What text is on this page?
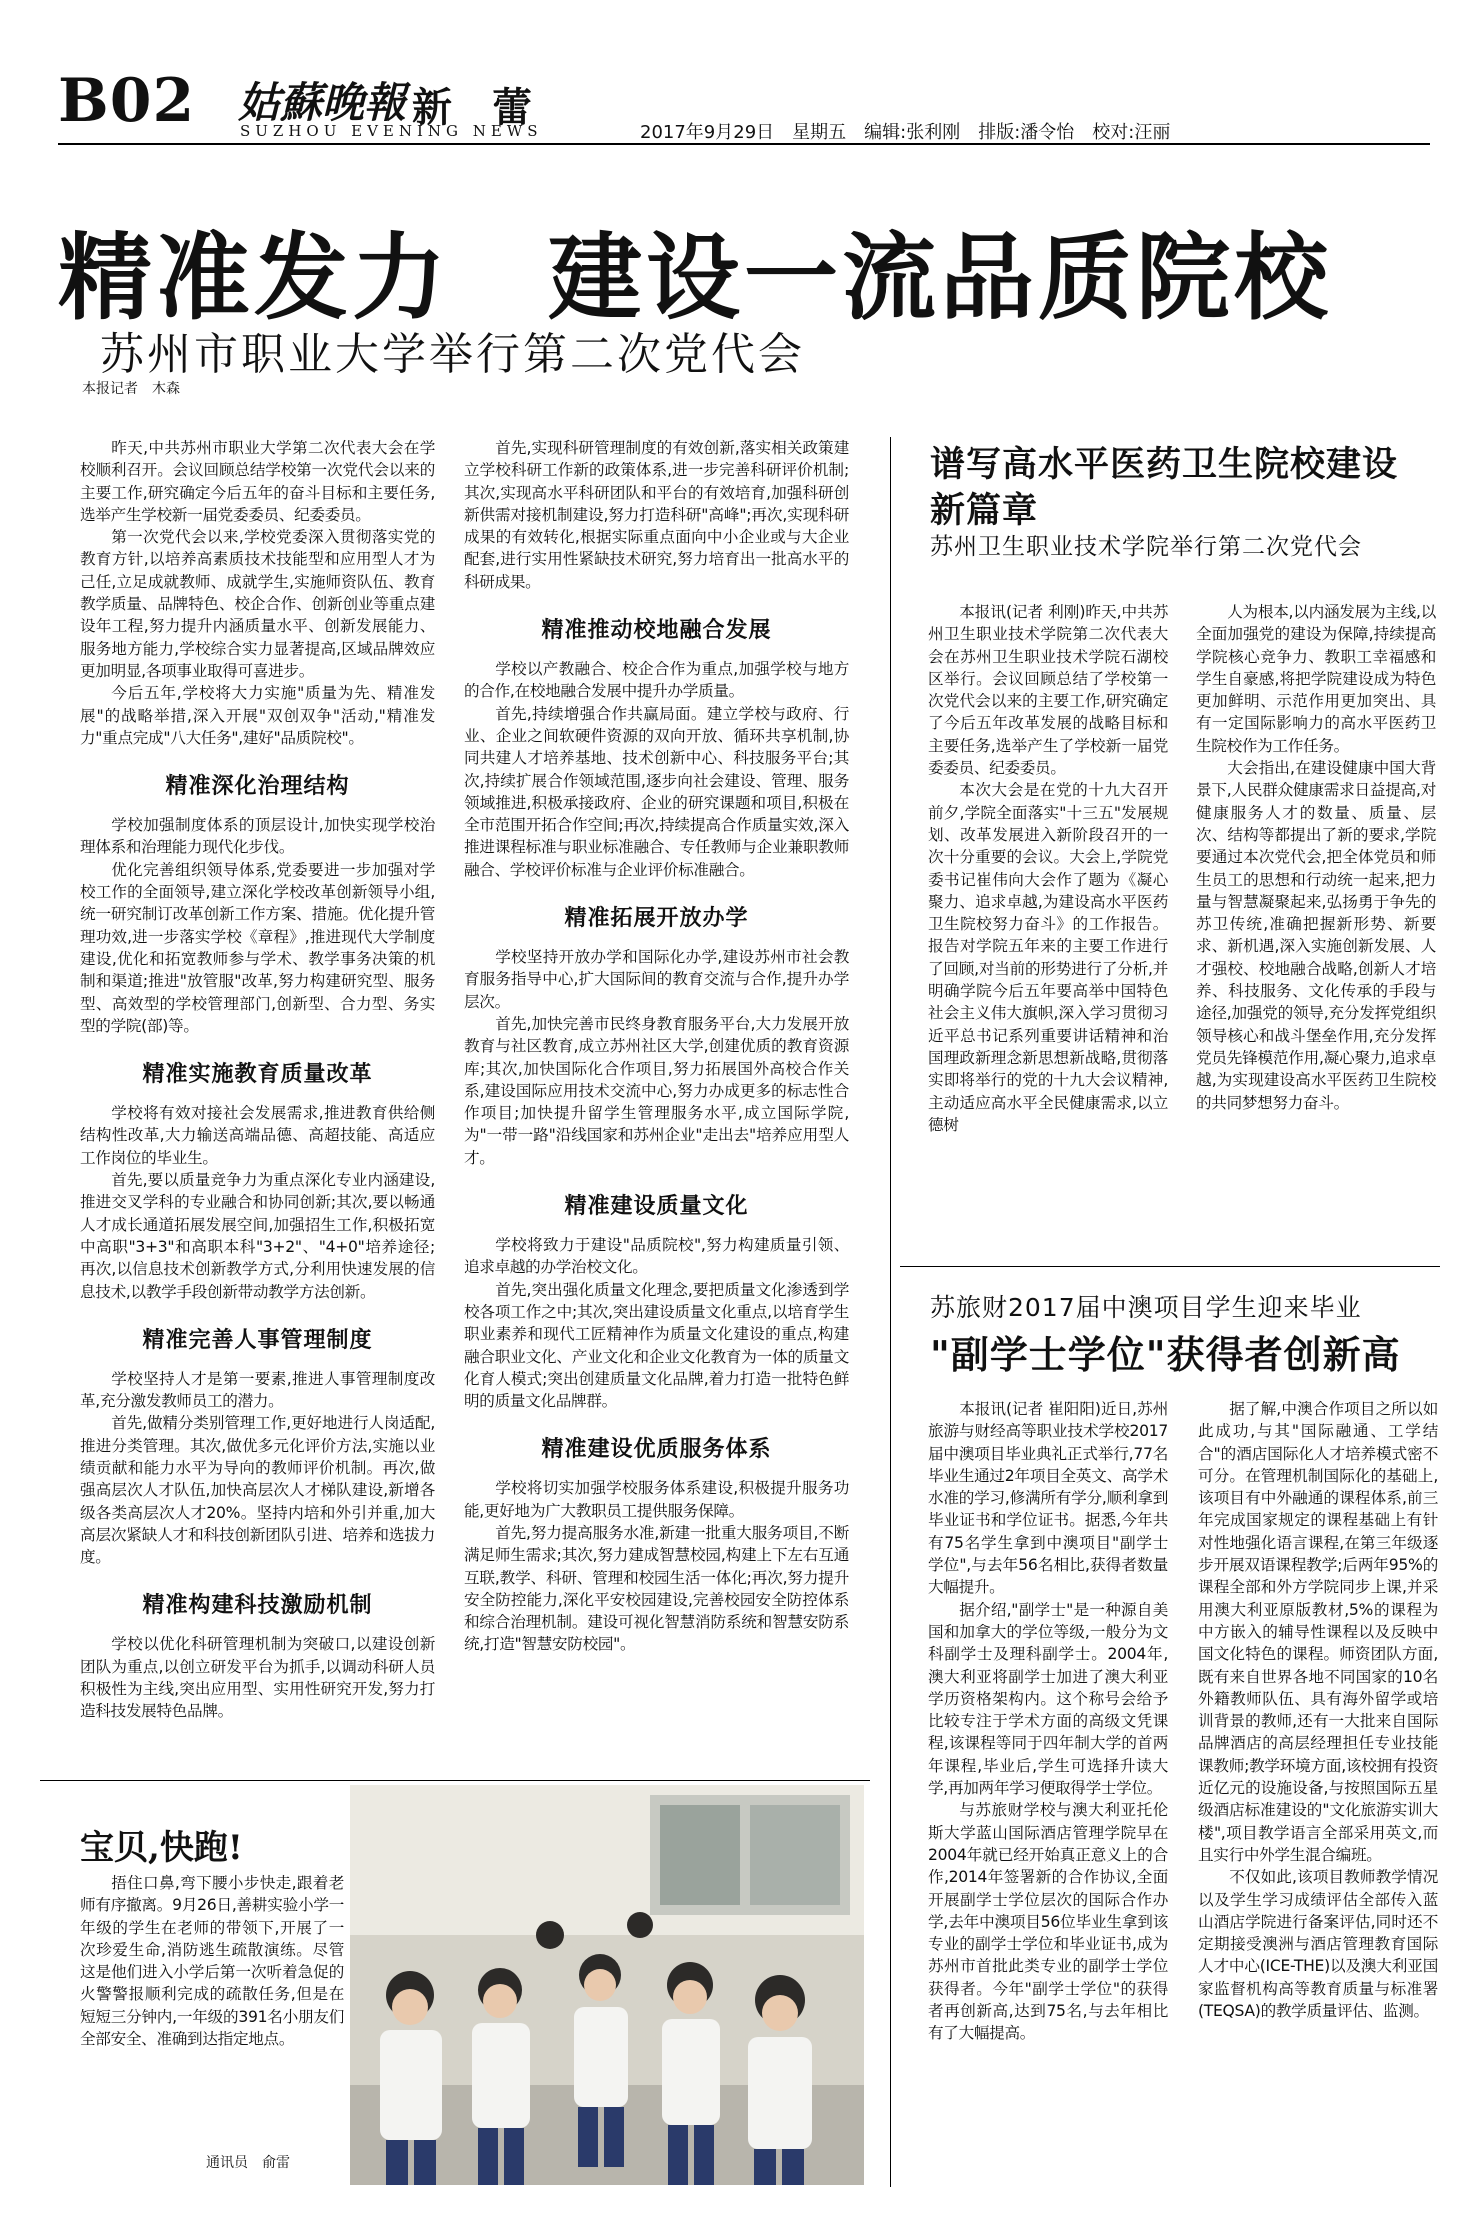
B02 姑蘇晚報
SUZHOU EVENING NEWS
新　蕾
2017年9月29日　星期五　编辑:张利刚　排版:潘令怡　校对:汪丽
精准发力　建设一流品质院校
苏州市职业大学举行第二次党代会
本报记者　木森

昨天,中共苏州市职业大学第二次代表大会在学校顺利召开。会议回顾总结学校第一次党代会以来的主要工作,研究确定今后五年的奋斗目标和主要任务,选举产生学校新一届党委委员、纪委委员。

第一次党代会以来,学校党委深入贯彻落实党的教育方针,以培养高素质技术技能型和应用型人才为己任,立足成就教师、成就学生,实施师资队伍、教育教学质量、品牌特色、校企合作、创新创业等重点建设年工程,努力提升内涵质量水平、创新发展能力、服务地方能力,学校综合实力显著提高,区域品牌效应更加明显,各项事业取得可喜进步。

今后五年,学校将大力实施"质量为先、精准发展"的战略举措,深入开展"双创双争"活动,"精准发力"重点完成"八大任务",建好"品质院校"。

精准深化治理结构

学校加强制度体系的顶层设计,加快实现学校治理体系和治理能力现代化步伐。

优化完善组织领导体系,党委要进一步加强对学校工作的全面领导,建立深化学校改革创新领导小组,统一研究制订改革创新工作方案、措施。优化提升管理功效,进一步落实学校《章程》,推进现代大学制度建设,优化和拓宽教师参与学术、教学事务决策的机制和渠道;推进"放管服"改革,努力构建研究型、服务型、高效型的学校管理部门,创新型、合力型、务实型的学院(部)等。

精准实施教育质量改革

学校将有效对接社会发展需求,推进教育供给侧结构性改革,大力输送高端品德、高超技能、高适应工作岗位的毕业生。

首先,要以质量竞争力为重点深化专业内涵建设,推进交叉学科的专业融合和协同创新;其次,要以畅通人才成长通道拓展发展空间,加强招生工作,积极拓宽中高职"3+3"和高职本科"3+2"、"4+0"培养途径;再次,以信息技术创新教学方式,分利用快速发展的信息技术,以教学手段创新带动教学方法创新。

精准完善人事管理制度

学校坚持人才是第一要素,推进人事管理制度改革,充分激发教师员工的潜力。

首先,做精分类别管理工作,更好地进行人岗适配,推进分类管理。其次,做优多元化评价方法,实施以业绩贡献和能力水平为导向的教师评价机制。再次,做强高层次人才队伍,加快高层次人才梯队建设,新增各级各类高层次人才20%。坚持内培和外引并重,加大高层次紧缺人才和科技创新团队引进、培养和选拔力度。

精准构建科技激励机制

学校以优化科研管理机制为突破口,以建设创新团队为重点,以创立研发平台为抓手,以调动科研人员积极性为主线,突出应用型、实用性研究开发,努力打造科技发展特色品牌。

首先,实现科研管理制度的有效创新,落实相关政策建立学校科研工作新的政策体系,进一步完善科研评价机制;其次,实现高水平科研团队和平台的有效培育,加强科研创新供需对接机制建设,努力打造科研"高峰";再次,实现科研成果的有效转化,根据实际重点面向中小企业或与大企业配套,进行实用性紧缺技术研究,努力培育出一批高水平的科研成果。

精准推动校地融合发展

学校以产教融合、校企合作为重点,加强学校与地方的合作,在校地融合发展中提升办学质量。

首先,持续增强合作共赢局面。建立学校与政府、行业、企业之间软硬件资源的双向开放、循环共享机制,协同共建人才培养基地、技术创新中心、科技服务平台;其次,持续扩展合作领域范围,逐步向社会建设、管理、服务领域推进,积极承接政府、企业的研究课题和项目,积极在全市范围开拓合作空间;再次,持续提高合作质量实效,深入推进课程标准与职业标准融合、专任教师与企业兼职教师融合、学校评价标准与企业评价标准融合。

精准拓展开放办学

学校坚持开放办学和国际化办学,建设苏州市社会教育服务指导中心,扩大国际间的教育交流与合作,提升办学层次。

首先,加快完善市民终身教育服务平台,大力发展开放教育与社区教育,成立苏州社区大学,创建优质的教育资源库;其次,加快国际化合作项目,努力拓展国外高校合作关系,建设国际应用技术交流中心,努力办成更多的标志性合作项目;加快提升留学生管理服务水平,成立国际学院,为"一带一路"沿线国家和苏州企业"走出去"培养应用型人才。

精准建设质量文化

学校将致力于建设"品质院校",努力构建质量引领、追求卓越的办学治校文化。

首先,突出强化质量文化理念,要把质量文化渗透到学校各项工作之中;其次,突出建设质量文化重点,以培育学生职业素养和现代工匠精神作为质量文化建设的重点,构建融合职业文化、产业文化和企业文化教育为一体的质量文化育人模式;突出创建质量文化品牌,着力打造一批特色鲜明的质量文化品牌群。

精准建设优质服务体系

学校将切实加强学校服务体系建设,积极提升服务功能,更好地为广大教职员工提供服务保障。

首先,努力提高服务水准,新建一批重大服务项目,不断满足师生需求;其次,努力建成智慧校园,构建上下左右互通互联,教学、科研、管理和校园生活一体化;再次,努力提升安全防控能力,深化平安校园建设,完善校园安全防控体系和综合治理机制。建设可视化智慧消防系统和智慧安防系统,打造"智慧安防校园"。

谱写高水平医药卫生院校建设新篇章
苏州卫生职业技术学院举行第二次党代会

本报讯(记者 利刚)昨天,中共苏州卫生职业技术学院第二次代表大会在苏州卫生职业技术学院石湖校区举行。会议回顾总结了学校第一次党代会以来的主要工作,研究确定了今后五年改革发展的战略目标和主要任务,选举产生了学校新一届党委委员、纪委委员。

本次大会是在党的十九大召开前夕,学院全面落实"十三五"发展规划、改革发展进入新阶段召开的一次十分重要的会议。大会上,学院党委书记崔伟向大会作了题为《凝心聚力、追求卓越,为建设高水平医药卫生院校努力奋斗》的工作报告。报告对学院五年来的主要工作进行了回顾,对当前的形势进行了分析,并明确学院今后五年要高举中国特色社会主义伟大旗帜,深入学习贯彻习近平总书记系列重要讲话精神和治国理政新理念新思想新战略,贯彻落实即将举行的党的十九大会议精神,主动适应高水平全民健康需求,以立德树

人为根本,以内涵发展为主线,以全面加强党的建设为保障,持续提高学院核心竞争力、教职工幸福感和学生自豪感,将把学院建设成为特色更加鲜明、示范作用更加突出、具有一定国际影响力的高水平医药卫生院校作为工作任务。

大会指出,在建设健康中国大背景下,人民群众健康需求日益提高,对健康服务人才的数量、质量、层次、结构等都提出了新的要求,学院要通过本次党代会,把全体党员和师生员工的思想和行动统一起来,把力量与智慧凝聚起来,弘扬勇于争先的苏卫传统,准确把握新形势、新要求、新机遇,深入实施创新发展、人才强校、校地融合战略,创新人才培养、科技服务、文化传承的手段与途径,加强党的领导,充分发挥党组织领导核心和战斗堡垒作用,充分发挥党员先锋模范作用,凝心聚力,追求卓越,为实现建设高水平医药卫生院校的共同梦想努力奋斗。

苏旅财2017届中澳项目学生迎来毕业
"副学士学位"获得者创新高

本报讯(记者 崔阳阳)近日,苏州旅游与财经高等职业技术学校2017届中澳项目毕业典礼正式举行,77名毕业生通过2年项目全英文、高学术水准的学习,修满所有学分,顺利拿到毕业证书和学位证书。据悉,今年共有75名学生拿到中澳项目"副学士学位",与去年56名相比,获得者数量大幅提升。

据介绍,"副学士"是一种源自美国和加拿大的学位等级,一般分为文科副学士及理科副学士。2004年,澳大利亚将副学士加进了澳大利亚学历资格架构内。这个称号会给予比较专注于学术方面的高级文凭课程,该课程等同于四年制大学的首两年课程,毕业后,学生可选择升读大学,再加两年学习便取得学士学位。

与苏旅财学校与澳大利亚托伦斯大学蓝山国际酒店管理学院早在2004年就已经开始真正意义上的合作,2014年签署新的合作协议,全面开展副学士学位层次的国际合作办学,去年中澳项目56位毕业生拿到该专业的副学士学位和毕业证书,成为苏州市首批此类专业的副学士学位获得者。今年"副学士学位"的获得者再创新高,达到75名,与去年相比有了大幅提高。

据了解,中澳合作项目之所以如此成功,与其"国际融通、工学结合"的酒店国际化人才培养模式密不可分。在管理机制国际化的基础上,该项目有中外融通的课程体系,前三年完成国家规定的课程基础上有针对性地强化语言课程,在第三年级逐步开展双语课程教学;后两年95%的课程全部和外方学院同步上课,并采用澳大利亚原版教材,5%的课程为中方嵌入的辅导性课程以及反映中国文化特色的课程。师资团队方面,既有来自世界各地不同国家的10名外籍教师队伍、具有海外留学或培训背景的教师,还有一大批来自国际品牌酒店的高层经理担任专业技能课教师;教学环境方面,该校拥有投资近亿元的设施设备,与按照国际五星级酒店标准建设的"文化旅游实训大楼",项目教学语言全部采用英文,而且实行中外学生混合编班。

不仅如此,该项目教师教学情况以及学生学习成绩评估全部传入蓝山酒店学院进行备案评估,同时还不定期接受澳洲与酒店管理教育国际人才中心(ICE-THE)以及澳大利亚国家监督机构高等教育质量与标准署(TEQSA)的教学质量评估、监测。

宝贝,快跑!
捂住口鼻,弯下腰小步快走,跟着老师有序撤离。9月26日,善耕实验小学一年级的学生在老师的带领下,开展了一次珍爱生命,消防逃生疏散演练。尽管这是他们进入小学后第一次听着急促的火警警报顺利完成的疏散任务,但是在短短三分钟内,一年级的391名小朋友们全部安全、准确到达指定地点。
通讯员　俞雷
